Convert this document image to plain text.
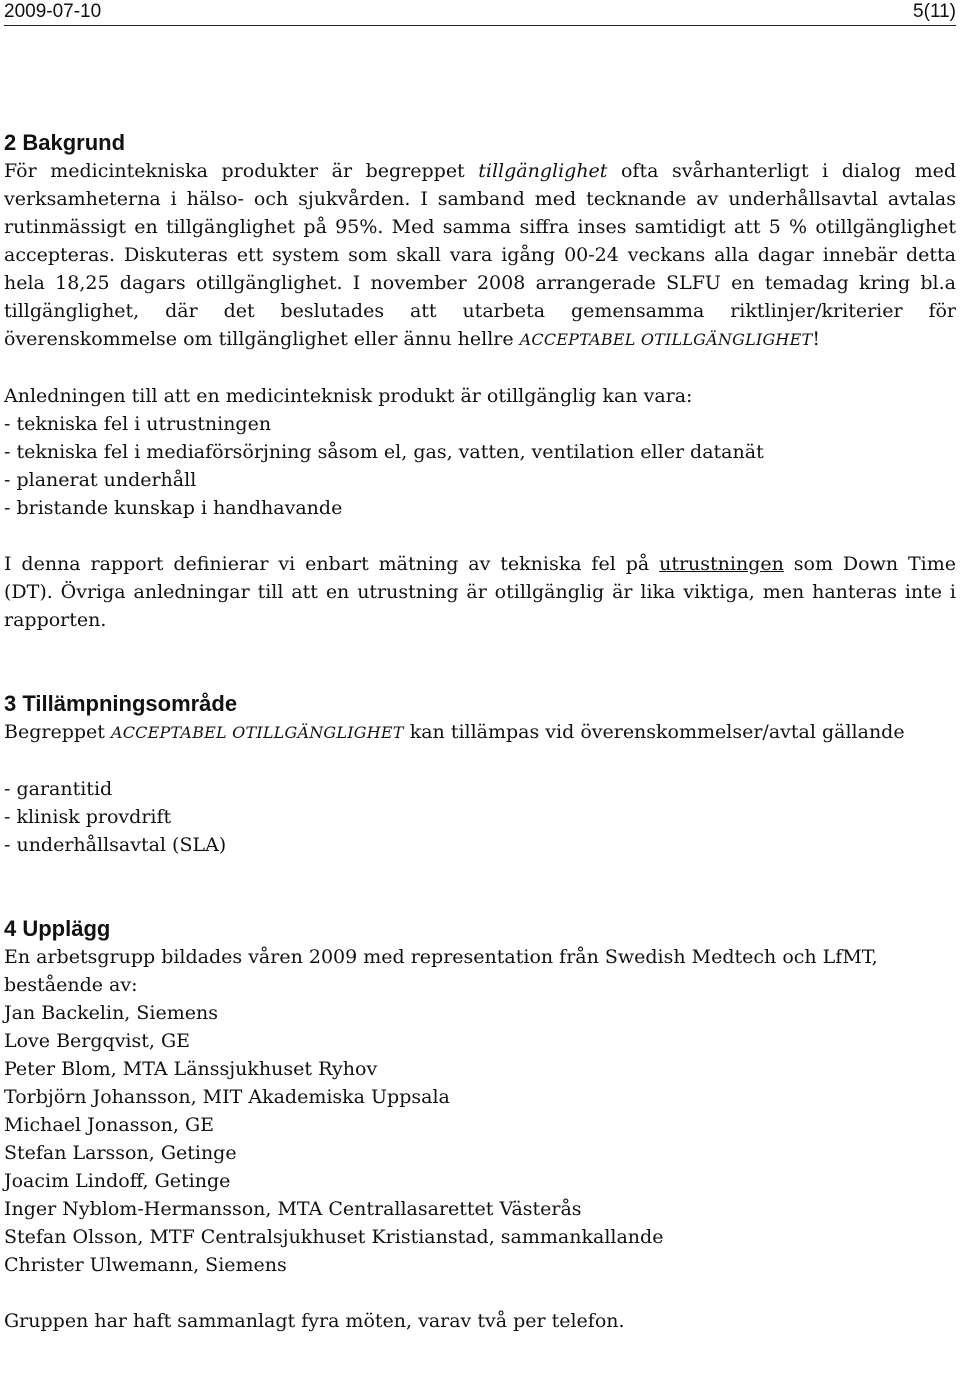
2009-07-10	5(11)
2 Bakgrund

För medicintekniska produkter är begreppet tillgänglighet ofta svårhanterligt i dialog med verksamheterna i hälso- och sjukvården. I samband med tecknande av underhållsavtal avtalas rutinmässigt en tillgänglighet på 95%. Med samma siffra inses samtidigt att 5 % otillgänglighet accepteras. Diskuteras ett system som skall vara igång 00-24 veckans alla dagar innebär detta hela 18,25 dagars otillgänglighet. I november 2008 arrangerade SLFU en temadag kring bl.a tillgänglighet, där det beslutades att utarbeta gemensamma riktlinjer/kriterier för överenskommelse om tillgänglighet eller ännu hellre ACCEPTABEL OTILLGÄNGLIGHET!

Anledningen till att en medicinteknisk produkt är otillgänglig kan vara:

- tekniska fel i utrustningen
- tekniska fel i mediaförsörjning såsom el, gas, vatten, ventilation eller datanät
- planerat underhåll
- bristande kunskap i handhavande

I denna rapport definierar vi enbart mätning av tekniska fel på utrustningen som Down Time (DT). Övriga anledningar till att en utrustning är otillgänglig är lika viktiga, men hanteras inte i rapporten.

3 Tillämpningsområde

Begreppet ACCEPTABEL OTILLGÄNGLIGHET kan tillämpas vid överenskommelser/avtal gällande

- garantitid
- klinisk provdrift
- underhållsavtal (SLA)
4 Upplägg

En arbetsgrupp bildades våren 2009 med representation från Swedish Medtech och LfMT, bestående av:

Jan Backelin, Siemens
Love Bergqvist, GE
Peter Blom, MTA Länssjukhuset Ryhov
Torbjörn Johansson, MIT Akademiska Uppsala
Michael Jonasson, GE
Stefan Larsson, Getinge
Joacim Lindoff, Getinge
Inger Nyblom-Hermansson, MTA Centrallasarettet Västerås
Stefan Olsson, MTF Centralsjukhuset Kristianstad, sammankallande
Christer Ulwemann, Siemens

Gruppen har haft sammanlagt fyra möten, varav två per telefon.
